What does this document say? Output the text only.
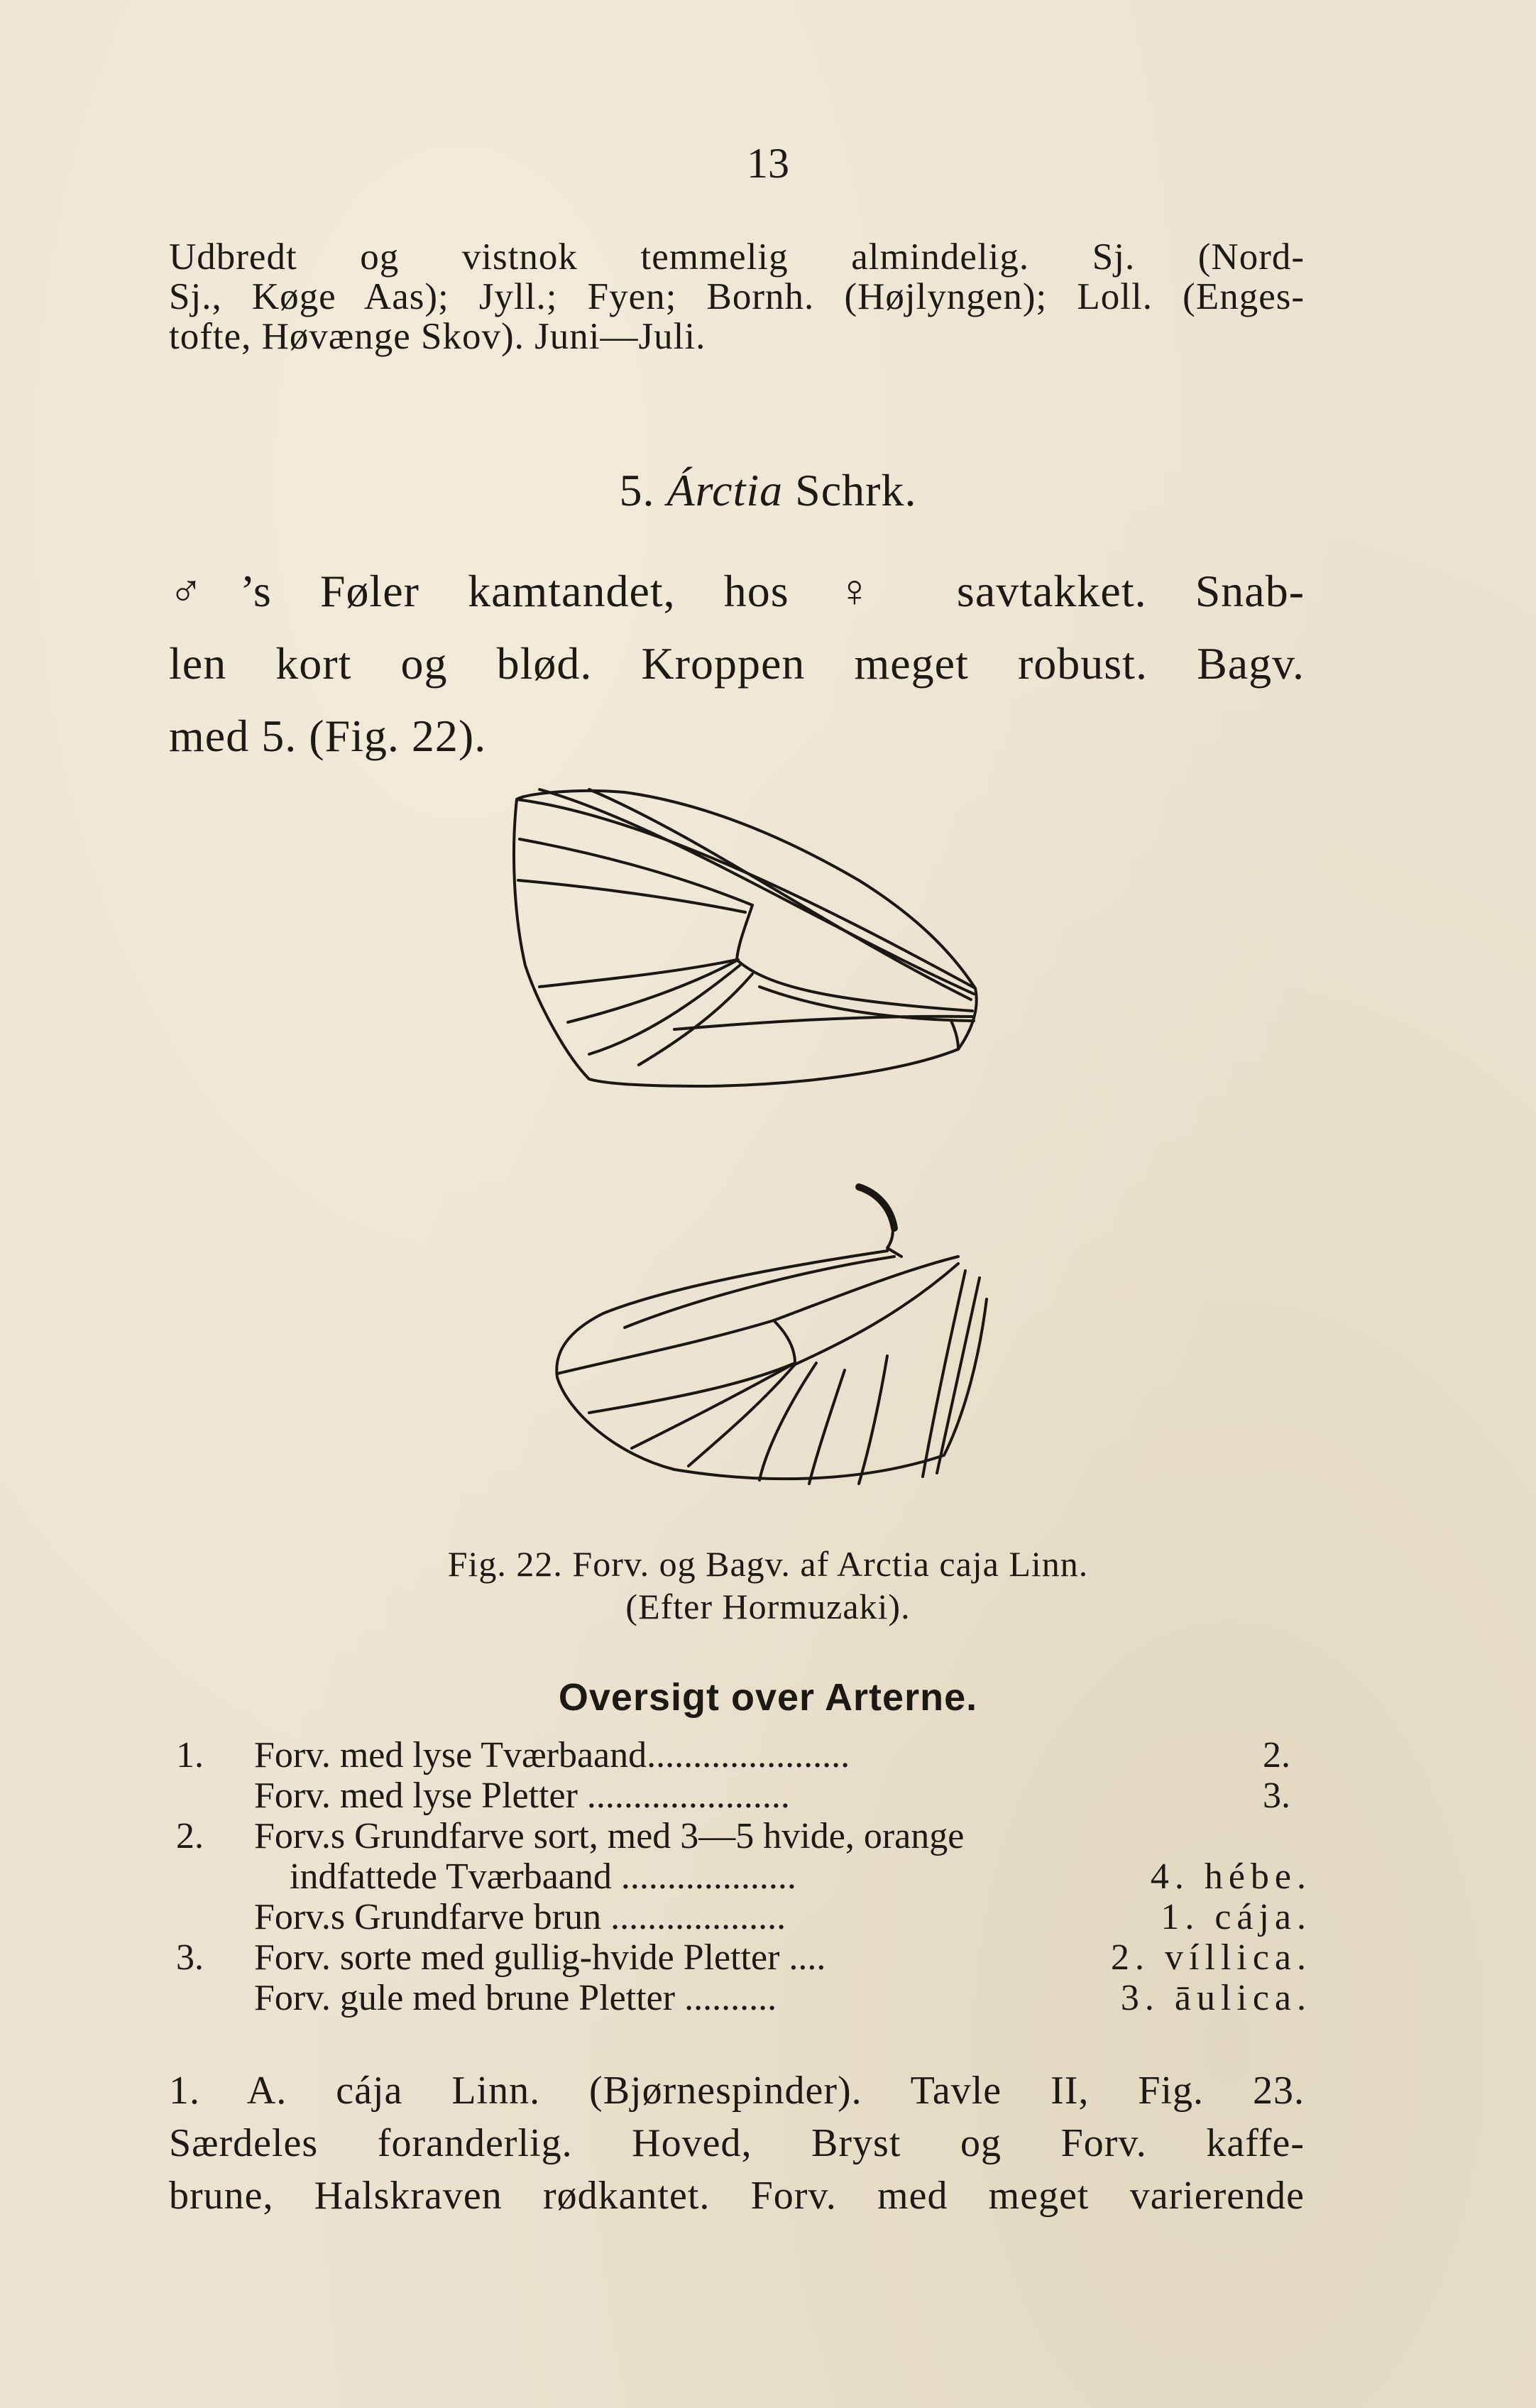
13
Udbredt og vistnok temmelig almindelig. Sj. (Nord-
Sj., Køge Aas); Jyll.; Fyen; Bornh. (Højlyngen); Loll. (Enges-
tofte, Høvænge Skov). Juni—Juli.
5. Árctia Schrk.
♂’s Føler kamtandet, hos ♀ savtakket. Snab-
len kort og blød. Kroppen meget robust. Bagv.
med 5. (Fig. 22).
Fig. 22. Forv. og Bagv. af Arctia caja Linn.
(Efter Hormuzaki).
Oversigt over Arterne.
1.	Forv. med lyse Tværbaand......................	2.
Forv. med lyse Pletter ......................	3.
2.	Forv.s Grundfarve sort, med 3—5 hvide, orange
indfattede Tværbaand ...................	4. hébe.
Forv.s Grundfarve brun ...................	1. cája.
3.	Forv. sorte med gullig-hvide Pletter ....	2. víllica.
Forv. gule med brune Pletter ..........	3. āulica.
1. A. cája Linn. (Bjørnespinder). Tavle II, Fig. 23.
Særdeles foranderlig. Hoved, Bryst og Forv. kaffe-
brune, Halskraven rødkantet. Forv. med meget varierende
